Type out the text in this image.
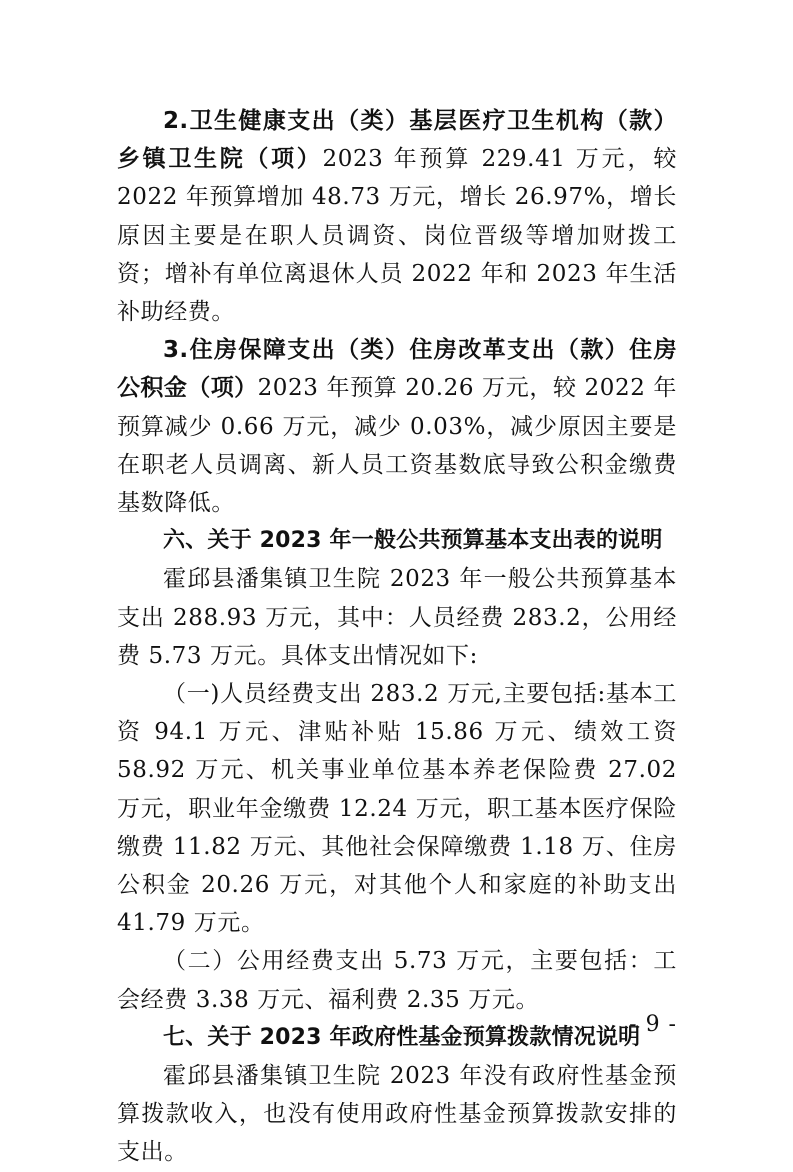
2.卫生健康支出（类）基层医疗卫生机构（款）乡镇卫生院（项）2023 年预算 229.41 万元，较 2022 年预算增加 48.73 万元，增长 26.97%，增长原因主要是在职人员调资、岗位晋级等增加财拨工资；增补有单位离退休人员 2022 年和 2023 年生活补助经费。

3.住房保障支出（类）住房改革支出（款）住房公积金（项）2023 年预算 20.26 万元，较 2022 年预算减少 0.66 万元，减少 0.03%，减少原因主要是在职老人员调离、新人员工资基数底导致公积金缴费基数降低。

六、关于 2023 年一般公共预算基本支出表的说明

霍邱县潘集镇卫生院 2023 年一般公共预算基本支出 288.93 万元，其中：人员经费 283.2，公用经费 5.73 万元。具体支出情况如下:

（一)人员经费支出 283.2 万元,主要包括:基本工资 94.1 万元、津贴补贴 15.86 万元、绩效工资 58.92 万元、机关事业单位基本养老保险费 27.02 万元，职业年金缴费 12.24 万元，职工基本医疗保险缴费 11.82 万元、其他社会保障缴费 1.18 万、住房公积金 20.26 万元，对其他个人和家庭的补助支出 41.79 万元。

（二）公用经费支出 5.73 万元，主要包括：工会经费 3.38 万元、福利费 2.35 万元。

七、关于 2023 年政府性基金预算拨款情况说明

霍邱县潘集镇卫生院 2023 年没有政府性基金预算拨款收入，也没有使用政府性基金预算拨款安排的支出。

- 9 -
